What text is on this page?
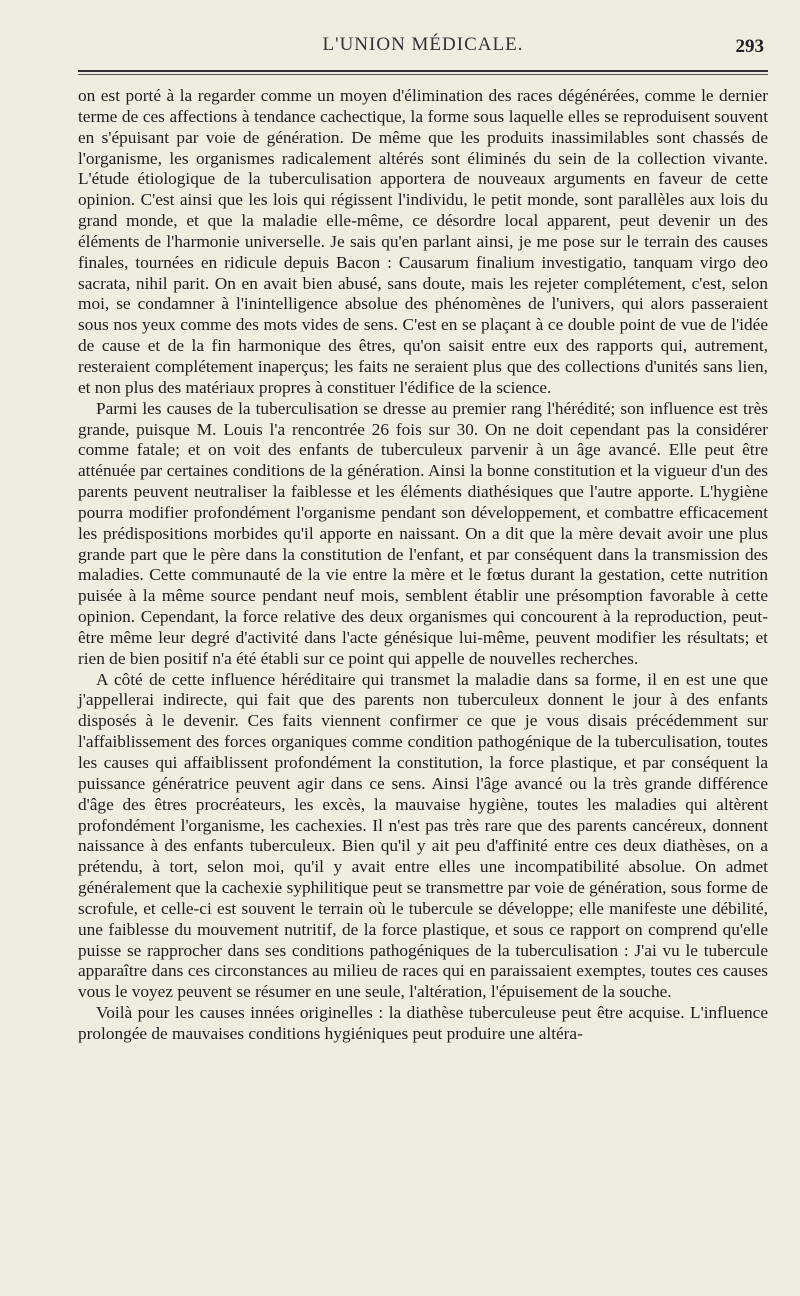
L'UNION MÉDICALE.	293

on est porté à la regarder comme un moyen d'élimination des races dégénérées, comme le dernier terme de ces affections à tendance cachectique, la forme sous laquelle elles se reproduisent souvent en s'épuisant par voie de génération. De même que les produits inassimilables sont chassés de l'organisme, les organismes radicalement altérés sont éliminés du sein de la collection vivante. L'étude étiologique de la tuberculisation apportera de nouveaux arguments en faveur de cette opinion. C'est ainsi que les lois qui régissent l'individu, le petit monde, sont parallèles aux lois du grand monde, et que la maladie elle-même, ce désordre local apparent, peut devenir un des éléments de l'harmonie universelle. Je sais qu'en parlant ainsi, je me pose sur le terrain des causes finales, tournées en ridicule depuis Bacon : Causarum finalium investigatio, tanquam virgo deo sacrata, nihil parit. On en avait bien abusé, sans doute, mais les rejeter complétement, c'est, selon moi, se condamner à l'inintelligence absolue des phénomènes de l'univers, qui alors passeraient sous nos yeux comme des mots vides de sens. C'est en se plaçant à ce double point de vue de l'idée de cause et de la fin harmonique des êtres, qu'on saisit entre eux des rapports qui, autrement, resteraient complétement inaperçus; les faits ne seraient plus que des collections d'unités sans lien, et non plus des matériaux propres à constituer l'édifice de la science.

Parmi les causes de la tuberculisation se dresse au premier rang l'hérédité; son influence est très grande, puisque M. Louis l'a rencontrée 26 fois sur 30. On ne doit cependant pas la considérer comme fatale; et on voit des enfants de tuberculeux parvenir à un âge avancé. Elle peut être atténuée par certaines conditions de la génération. Ainsi la bonne constitution et la vigueur d'un des parents peuvent neutraliser la faiblesse et les éléments diathésiques que l'autre apporte. L'hygiène pourra modifier profondément l'organisme pendant son développement, et combattre efficacement les prédispositions morbides qu'il apporte en naissant. On a dit que la mère devait avoir une plus grande part que le père dans la constitution de l'enfant, et par conséquent dans la transmission des maladies. Cette communauté de la vie entre la mère et le fœtus durant la gestation, cette nutrition puisée à la même source pendant neuf mois, semblent établir une présomption favorable à cette opinion. Cependant, la force relative des deux organismes qui concourent à la reproduction, peut-être même leur degré d'activité dans l'acte génésique lui-même, peuvent modifier les résultats; et rien de bien positif n'a été établi sur ce point qui appelle de nouvelles recherches.

A côté de cette influence héréditaire qui transmet la maladie dans sa forme, il en est une que j'appellerai indirecte, qui fait que des parents non tuberculeux donnent le jour à des enfants disposés à le devenir. Ces faits viennent confirmer ce que je vous disais précédemment sur l'affaiblissement des forces organiques comme condition pathogénique de la tuberculisation, toutes les causes qui affaiblissent profondément la constitution, la force plastique, et par conséquent la puissance génératrice peuvent agir dans ce sens. Ainsi l'âge avancé ou la très grande différence d'âge des êtres procréateurs, les excès, la mauvaise hygiène, toutes les maladies qui altèrent profondément l'organisme, les cachexies. Il n'est pas très rare que des parents cancéreux, donnent naissance à des enfants tuberculeux. Bien qu'il y ait peu d'affinité entre ces deux diathèses, on a prétendu, à tort, selon moi, qu'il y avait entre elles une incompatibilité absolue. On admet généralement que la cachexie syphilitique peut se transmettre par voie de génération, sous forme de scrofule, et celle-ci est souvent le terrain où le tubercule se développe; elle manifeste une débilité, une faiblesse du mouvement nutritif, de la force plastique, et sous ce rapport on comprend qu'elle puisse se rapprocher dans ses conditions pathogéniques de la tuberculisation : J'ai vu le tubercule apparaître dans ces circonstances au milieu de races qui en paraissaient exemptes, toutes ces causes vous le voyez peuvent se résumer en une seule, l'altération, l'épuisement de la souche.

Voilà pour les causes innées originelles : la diathèse tuberculeuse peut être acquise. L'influence prolongée de mauvaises conditions hygiéniques peut produire une altéra-
